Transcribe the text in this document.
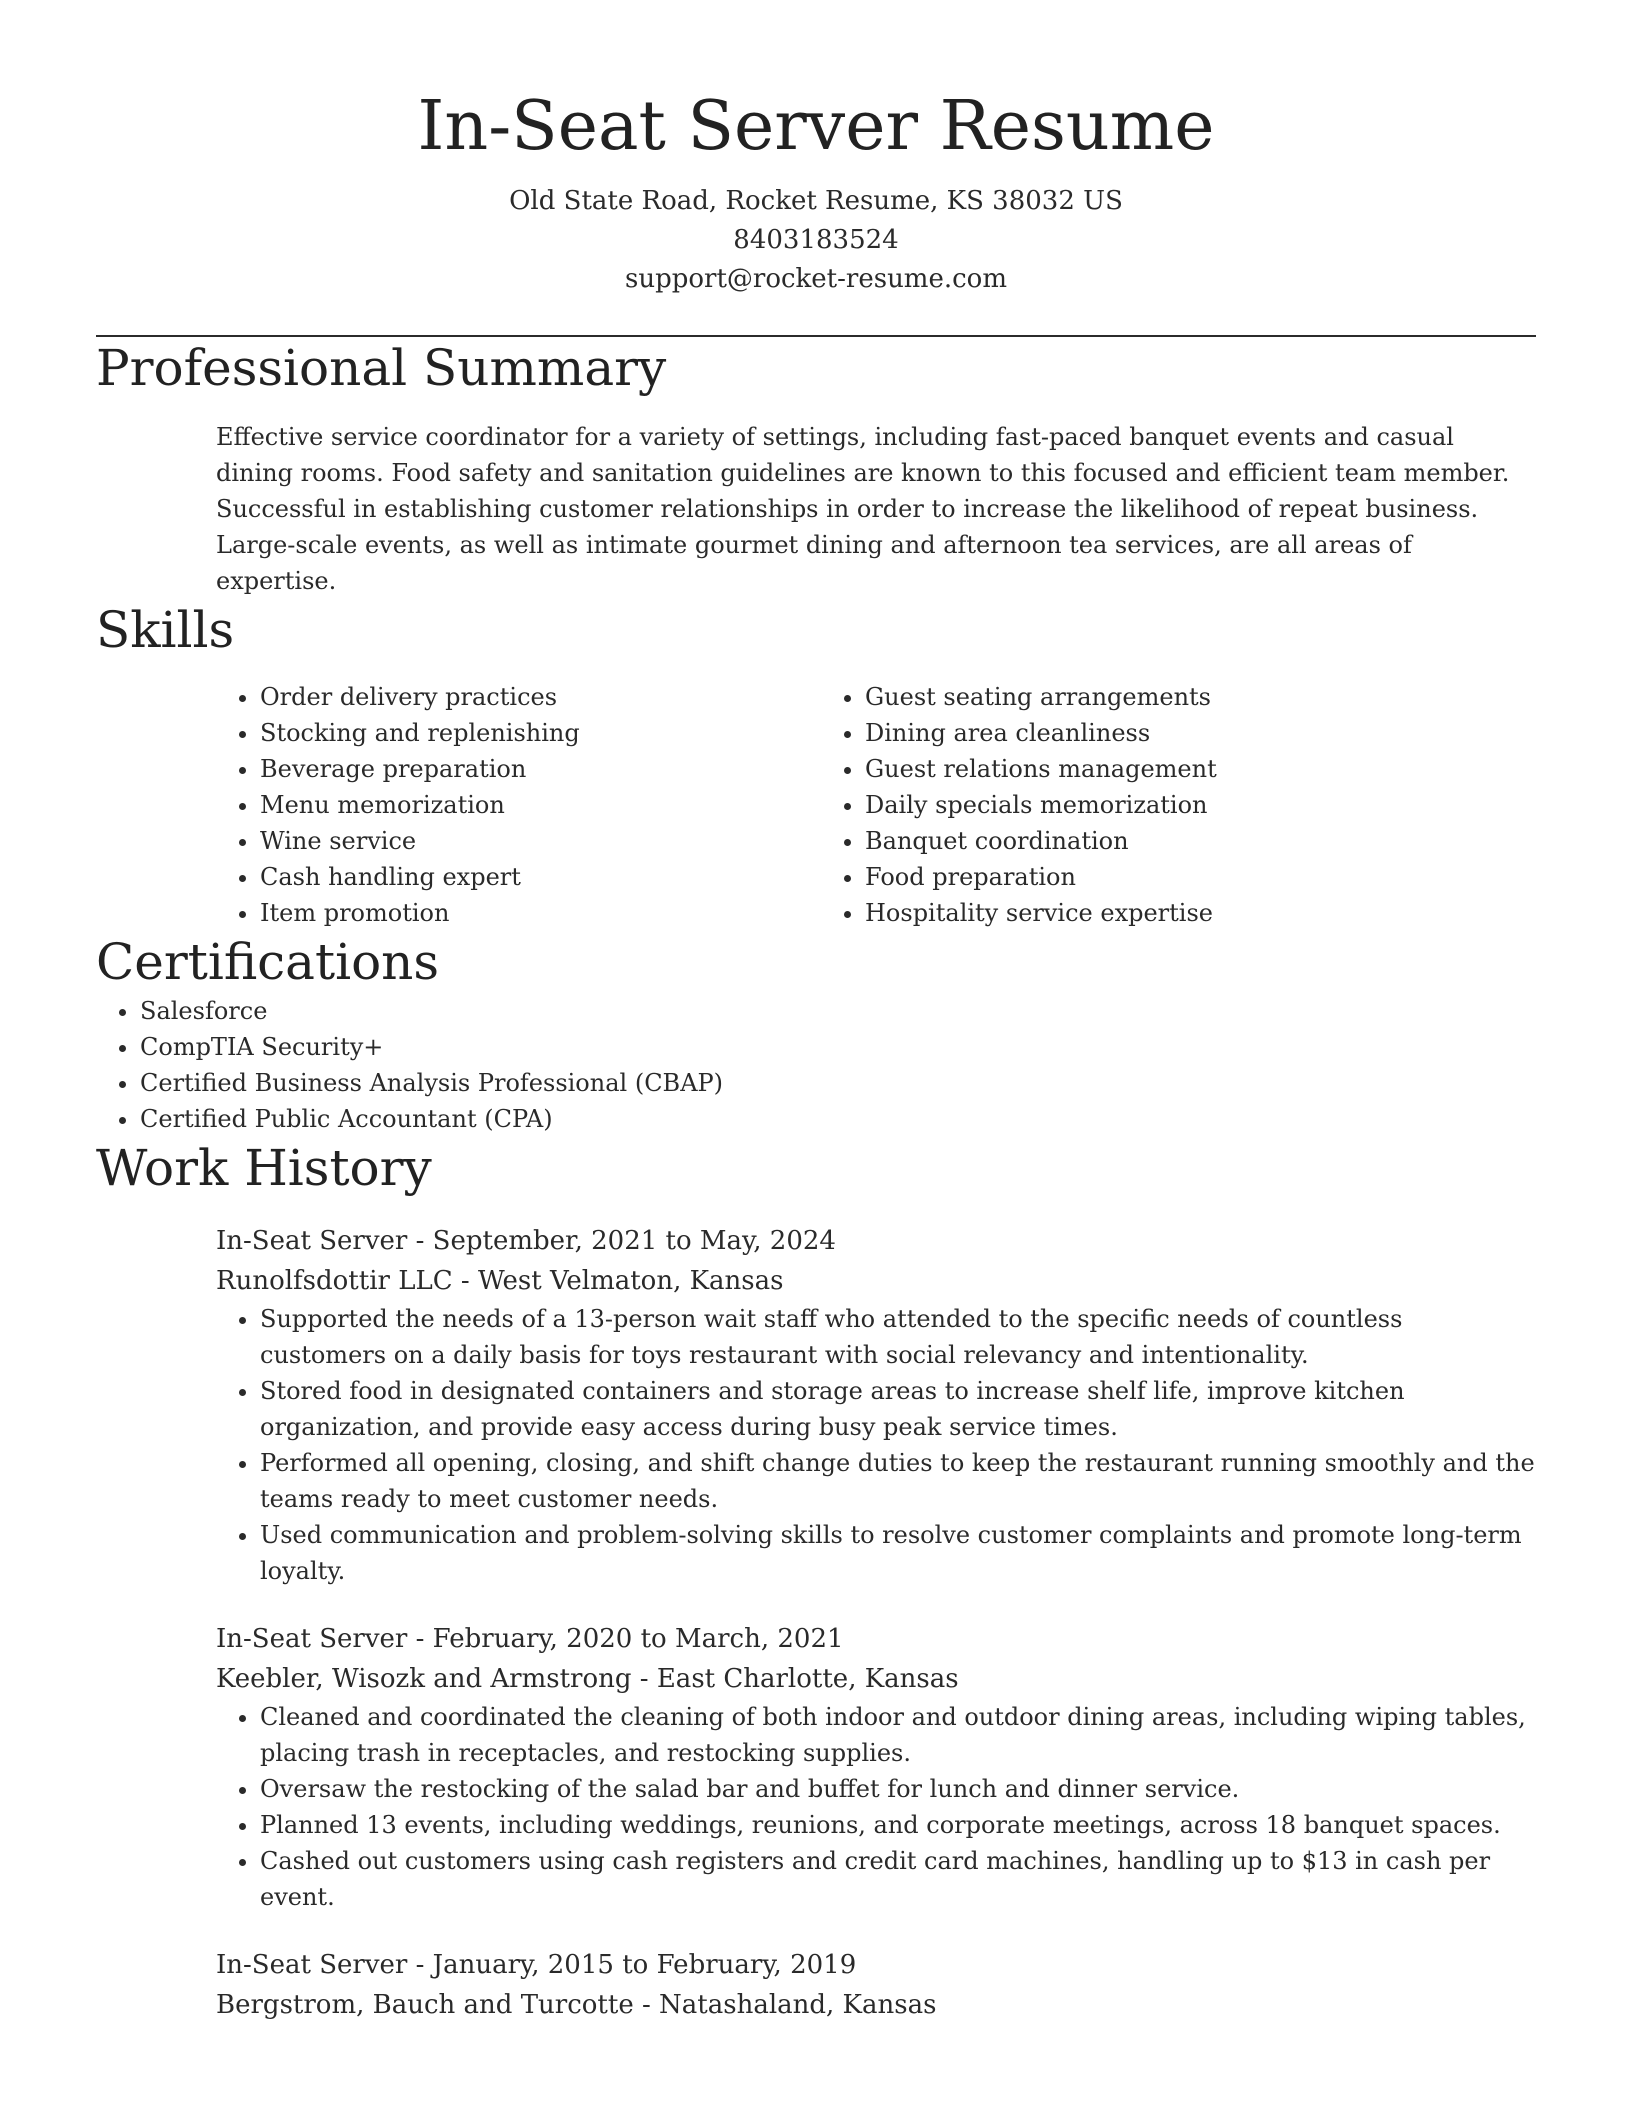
In-Seat Server Resume
Old State Road, Rocket Resume, KS 38032 US
8403183524
support@rocket-resume.com
Professional Summary

Effective service coordinator for a variety of settings, including fast-paced banquet events and casual dining rooms. Food safety and sanitation guidelines are known to this focused and efficient team member. Successful in establishing customer relationships in order to increase the likelihood of repeat business. Large-scale events, as well as intimate gourmet dining and afternoon tea services, are all areas of expertise.

Skills
• Order delivery practices
• Stocking and replenishing
• Beverage preparation
• Menu memorization
• Wine service
• Cash handling expert
• Item promotion
• Guest seating arrangements
• Dining area cleanliness
• Guest relations management
• Daily specials memorization
• Banquet coordination
• Food preparation
• Hospitality service expertise
Certifications
• Salesforce
• CompTIA Security+
• Certified Business Analysis Professional (CBAP)
• Certified Public Accountant (CPA)
Work History
In-Seat Server - September, 2021 to May, 2024
Runolfsdottir LLC - West Velmaton, Kansas
• Supported the needs of a 13-person wait staff who attended to the specific needs of countless customers on a daily basis for toys restaurant with social relevancy and intentionality.
• Stored food in designated containers and storage areas to increase shelf life, improve kitchen organization, and provide easy access during busy peak service times.
• Performed all opening, closing, and shift change duties to keep the restaurant running smoothly and the teams ready to meet customer needs.
• Used communication and problem-solving skills to resolve customer complaints and promote long-term loyalty.
In-Seat Server - February, 2020 to March, 2021
Keebler, Wisozk and Armstrong - East Charlotte, Kansas
• Cleaned and coordinated the cleaning of both indoor and outdoor dining areas, including wiping tables, placing trash in receptacles, and restocking supplies.
• Oversaw the restocking of the salad bar and buffet for lunch and dinner service.
• Planned 13 events, including weddings, reunions, and corporate meetings, across 18 banquet spaces.
• Cashed out customers using cash registers and credit card machines, handling up to $13 in cash per event.
In-Seat Server - January, 2015 to February, 2019
Bergstrom, Bauch and Turcotte - Natashaland, Kansas
